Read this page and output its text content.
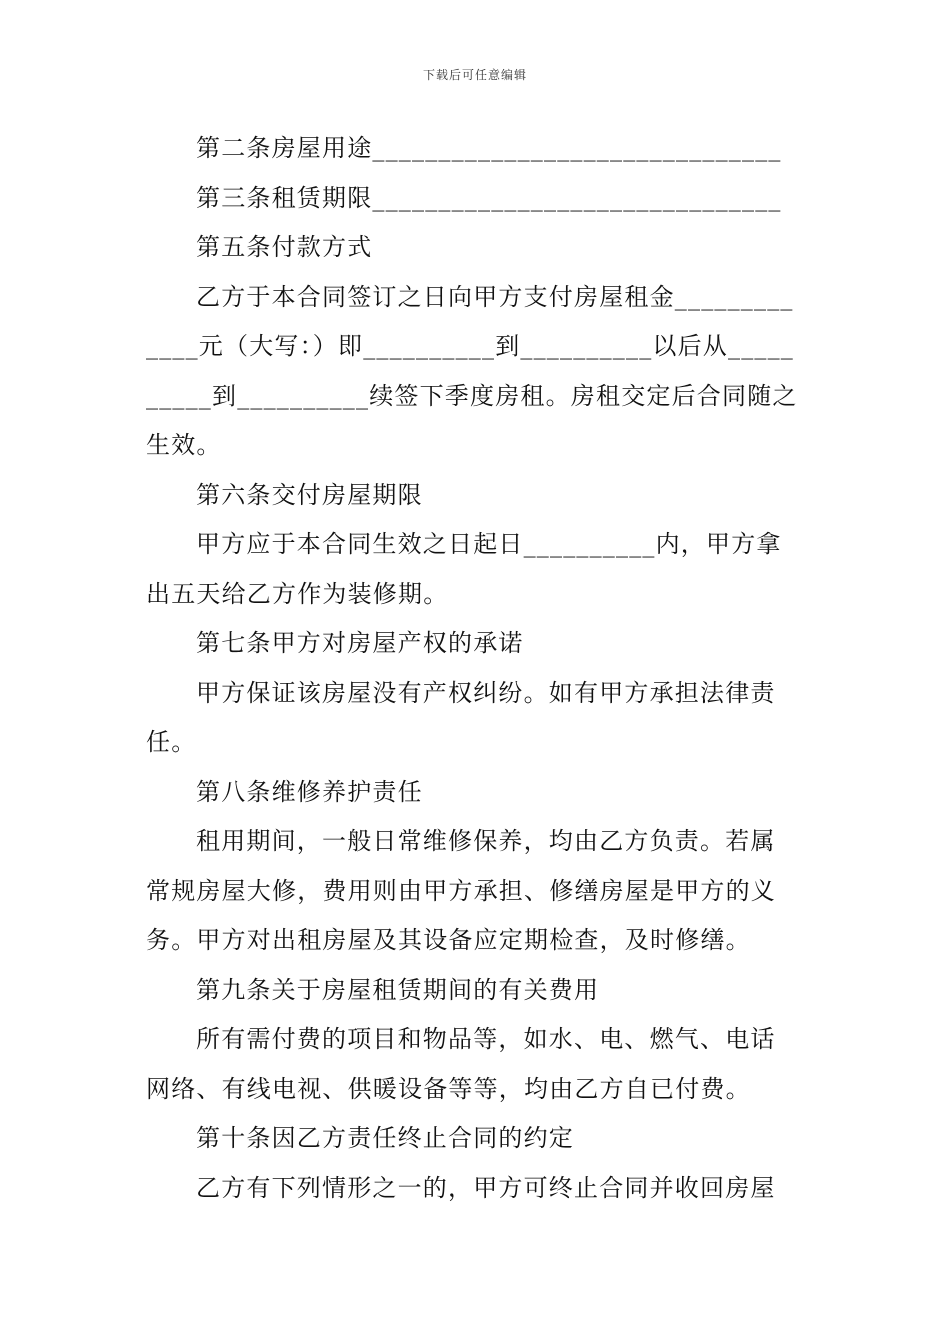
下载后可任意编辑
第二条房屋用途_______________________________
第三条租赁期限_______________________________
第五条付款方式
乙方于本合同签订之日向甲方支付房屋租金_________
____元（大写：）即__________到__________以后从_____
_____到__________续签下季度房租。房租交定后合同随之
生效。
第六条交付房屋期限
甲方应于本合同生效之日起日__________内，甲方拿
出五天给乙方作为装修期。
第七条甲方对房屋产权的承诺
甲方保证该房屋没有产权纠纷。如有甲方承担法律责
任。
第八条维修养护责任
租用期间，一般日常维修保养，均由乙方负责。若属
常规房屋大修，费用则由甲方承担、修缮房屋是甲方的义
务。甲方对出租房屋及其设备应定期检查，及时修缮。
第九条关于房屋租赁期间的有关费用
所有需付费的项目和物品等，如水、电、燃气、电话
网络、有线电视、供暖设备等等，均由乙方自已付费。
第十条因乙方责任终止合同的约定
乙方有下列情形之一的，甲方可终止合同并收回房屋
